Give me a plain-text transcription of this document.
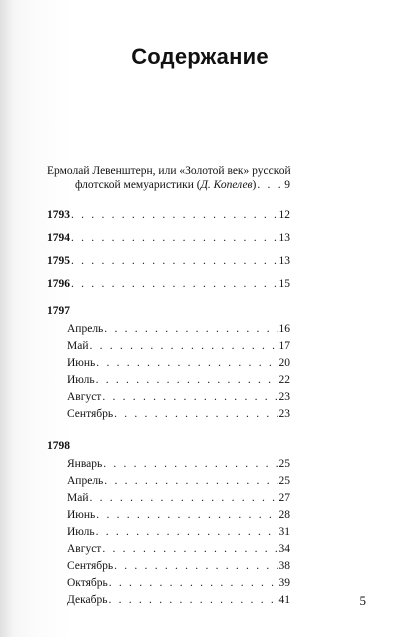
Содержание
Ермолай Левенштерн, или «Золотой век» русской
флотской мемуаристики (Д. Копелев) . . . 9
1793 . . .	12
1794 . . .	13
1795 . . .	13
1796 . . .	15
1797
Апрель . . .	16
Май . . .	17
Июнь . . .	20
Июль . . .	22
Август . . .	23
Сентябрь . . .	23
1798
Январь . . .	25
Апрель . . .	25
Май . . .	27
Июнь . . .	28
Июль . . .	31
Август . . .	34
Сентябрь . . .	38
Октябрь . . .	39
Декабрь . . .	41	5
